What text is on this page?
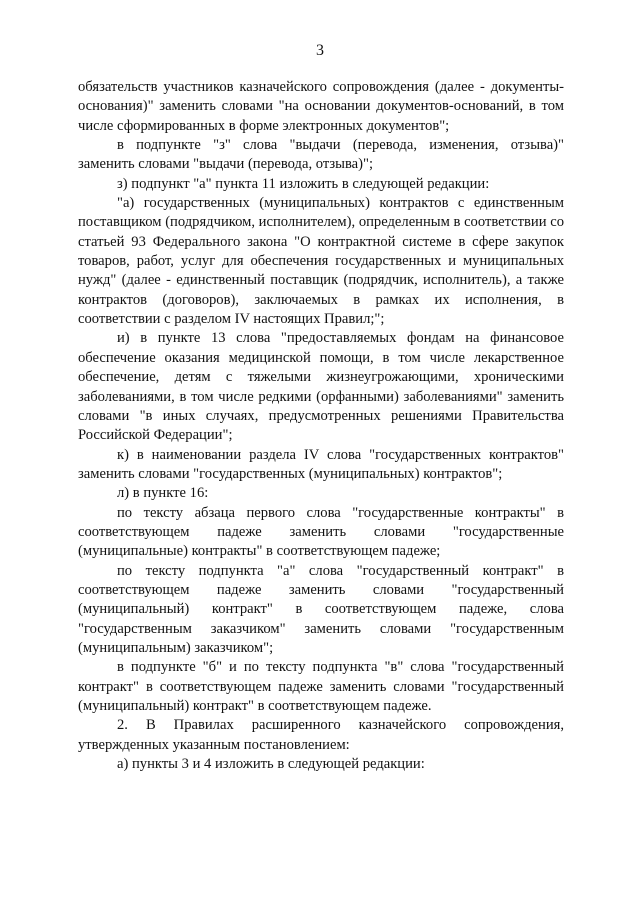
3

обязательств участников казначейского сопровождения (далее - документы-основания)" заменить словами "на основании документов-оснований, в том числе сформированных в форме электронных документов";

в подпункте "з" слова "выдачи (перевода, изменения, отзыва)" заменить словами "выдачи (перевода, отзыва)";

з) подпункт "а" пункта 11 изложить в следующей редакции:

"а) государственных (муниципальных) контрактов с единственным поставщиком (подрядчиком, исполнителем), определенным в соответствии со статьей 93 Федерального закона "О контрактной системе в сфере закупок товаров, работ, услуг для обеспечения государственных и муниципальных нужд" (далее - единственный поставщик (подрядчик, исполнитель), а также контрактов (договоров), заключаемых в рамках их исполнения, в соответствии с разделом IV настоящих Правил;";

и) в пункте 13 слова "предоставляемых фондам на финансовое обеспечение оказания медицинской помощи, в том числе лекарственное обеспечение, детям с тяжелыми жизнеугрожающими, хроническими заболеваниями, в том числе редкими (орфанными) заболеваниями" заменить словами "в иных случаях, предусмотренных решениями Правительства Российской Федерации";

к) в наименовании раздела IV слова "государственных контрактов" заменить словами "государственных (муниципальных) контрактов";

л) в пункте 16:

по тексту абзаца первого слова "государственные контракты" в соответствующем падеже заменить словами "государственные (муниципальные) контракты" в соответствующем падеже;

по тексту подпункта "а" слова "государственный контракт" в соответствующем падеже заменить словами "государственный (муниципальный) контракт" в соответствующем падеже, слова "государственным заказчиком" заменить словами "государственным (муниципальным) заказчиком";

в подпункте "б" и по тексту подпункта "в" слова "государственный контракт" в соответствующем падеже заменить словами "государственный (муниципальный) контракт" в соответствующем падеже.

2. В Правилах расширенного казначейского сопровождения, утвержденных указанным постановлением:

а) пункты 3 и 4 изложить в следующей редакции:
